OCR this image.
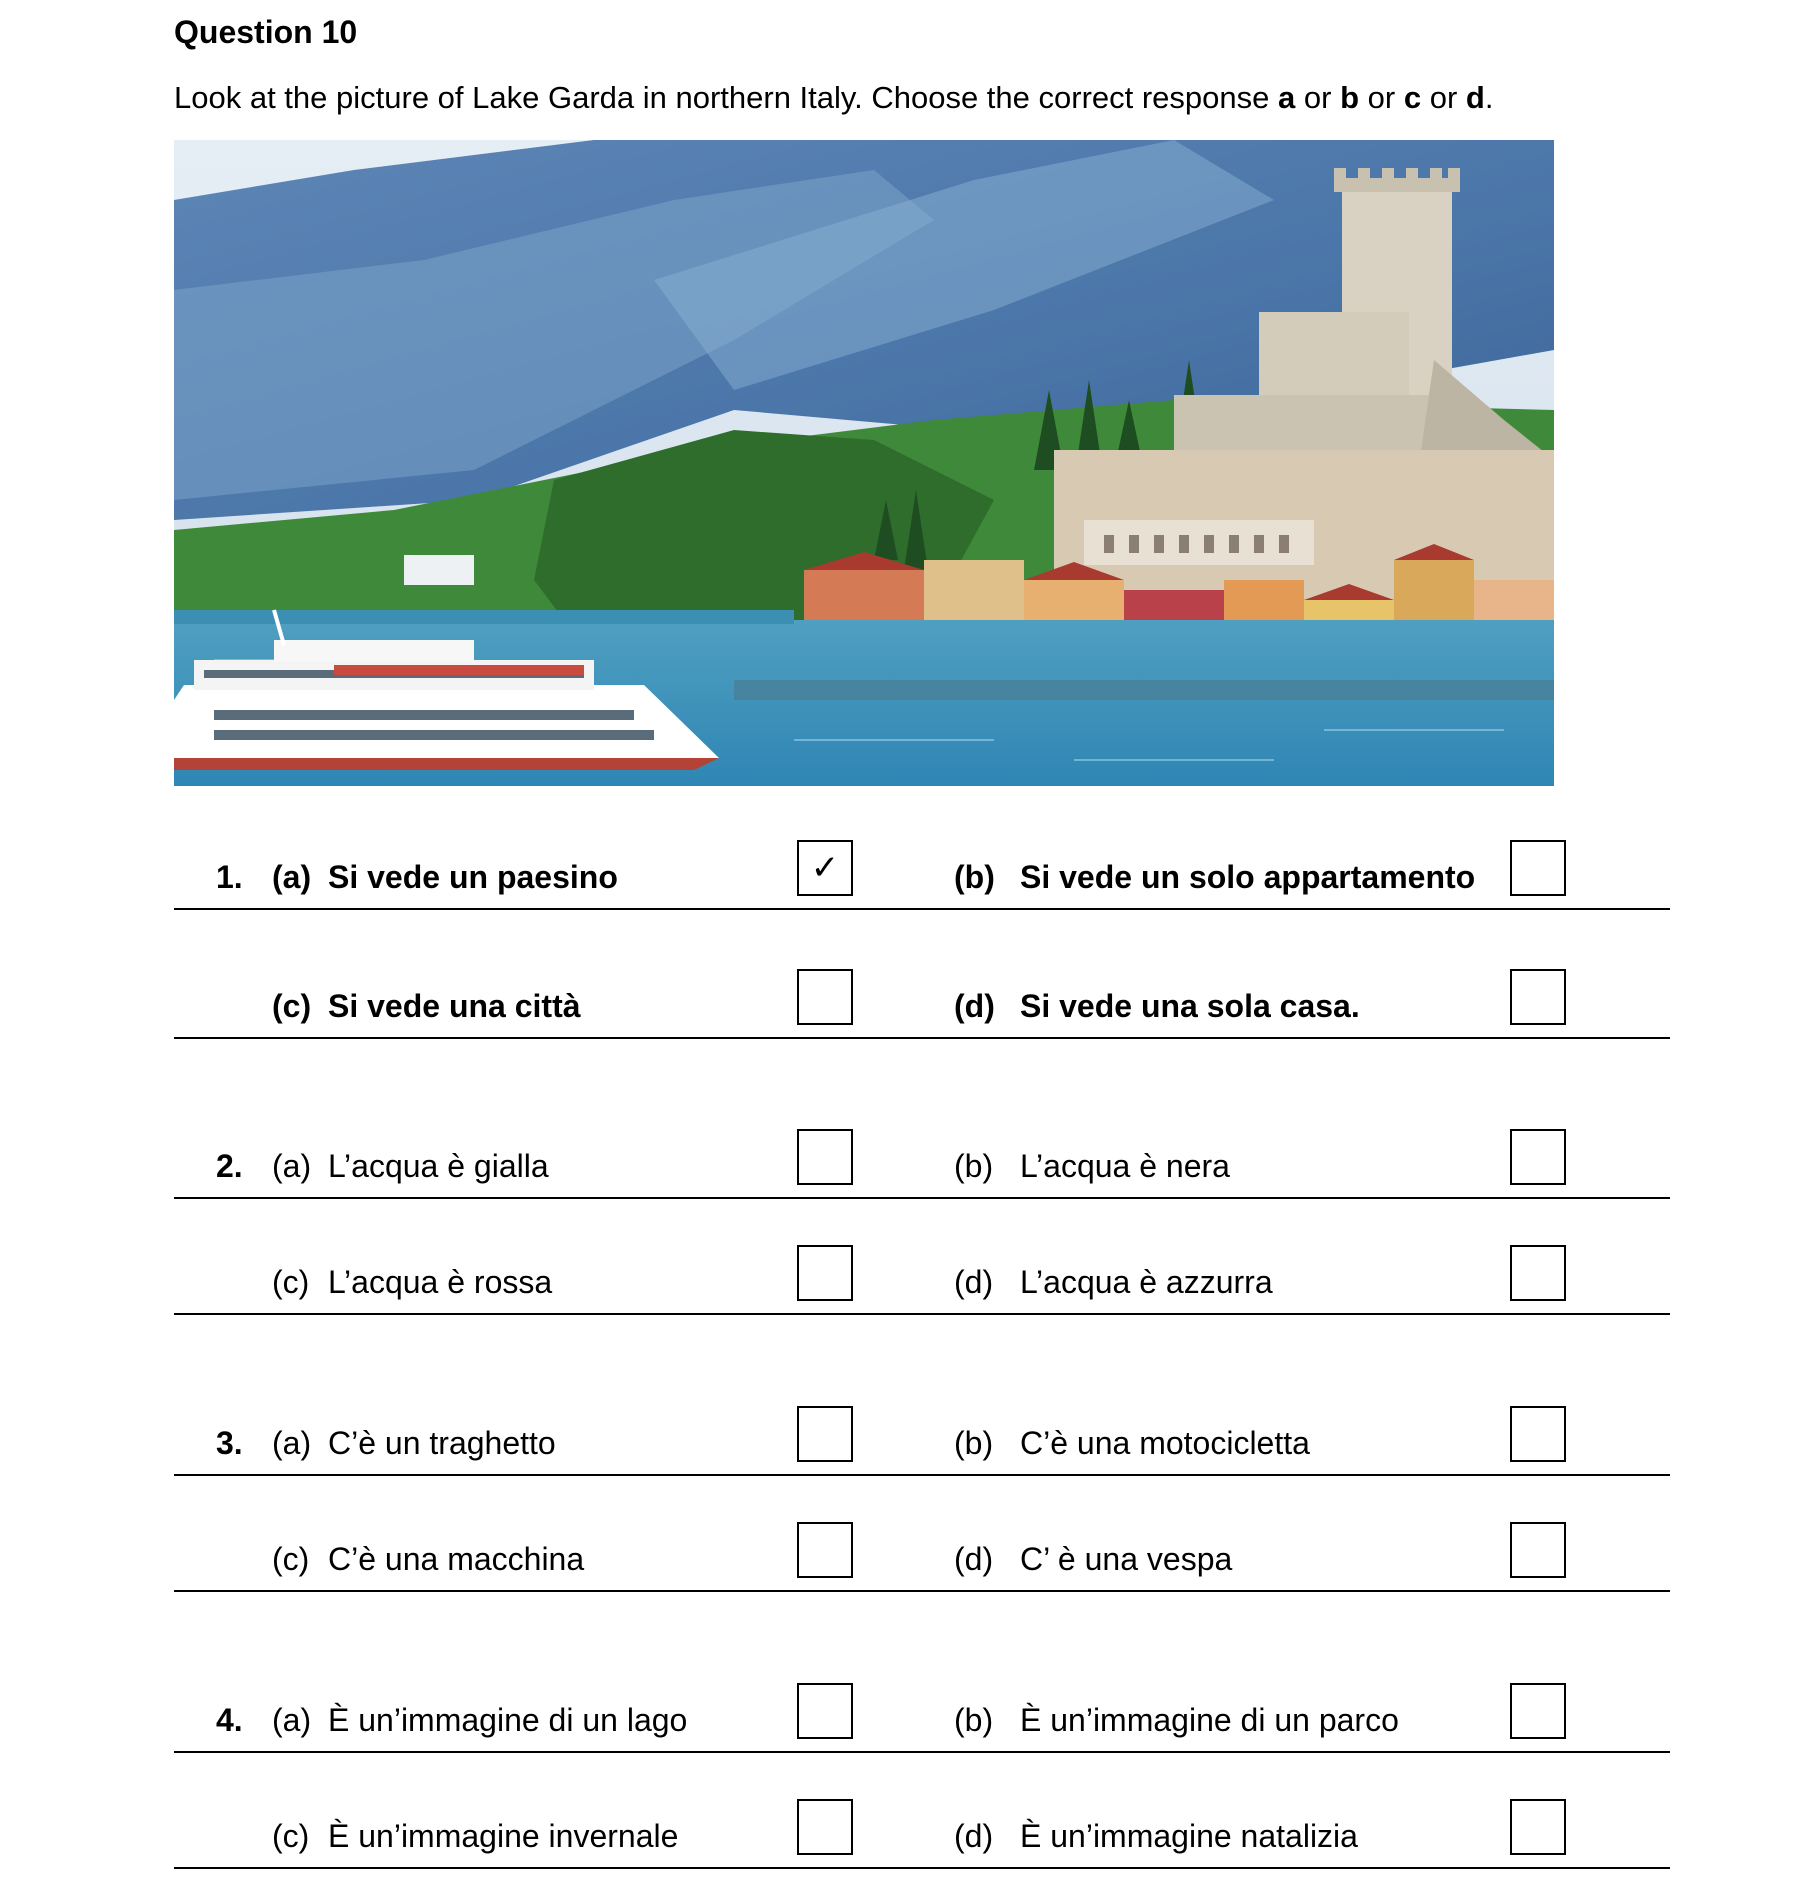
Question 10
Look at the picture of Lake Garda in northern Italy. Choose the correct response a or b or c or d.
1. (a) Si vede un paesino	✓	(b) Si vede un solo appartamento
(c) Si vede una città	(d) Si vede una sola casa.
2. (a) L’acqua è gialla	(b) L’acqua è nera
(c) L’acqua è rossa	(d) L’acqua è azzurra
3. (a) C’è un traghetto	(b) C’è una motocicletta
(c) C’è una macchina	(d) C’ è una vespa
4. (a) È un’immagine di un lago	(b) È un’immagine di un parco
(c) È un’immagine invernale	(d) È un’immagine natalizia
